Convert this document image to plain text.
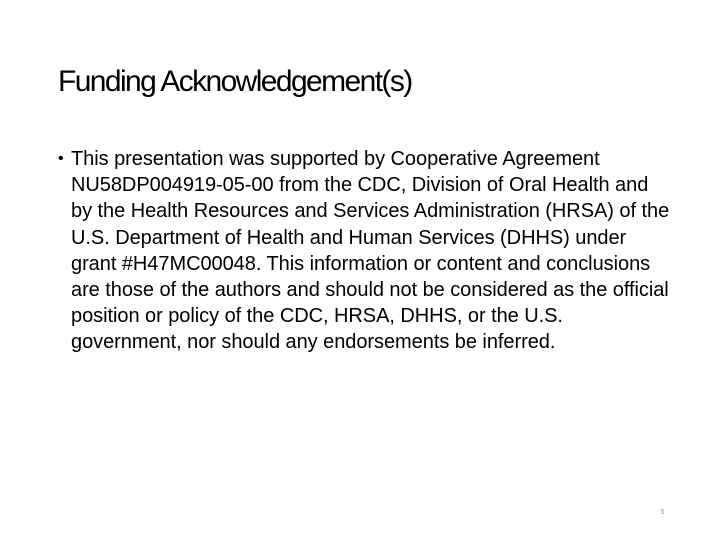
Funding Acknowledgement(s)
• This presentation was supported by Cooperative Agreement NU58DP004919-05-00 from the CDC, Division of Oral Health and by the Health Resources and Services Administration (HRSA) of the U.S. Department of Health and Human Services (DHHS) under grant #H47MC00048. This information or content and conclusions are those of the authors and should not be considered as the official position or policy of the CDC, HRSA, DHHS, or the U.S. government, nor should any endorsements be inferred.
3
